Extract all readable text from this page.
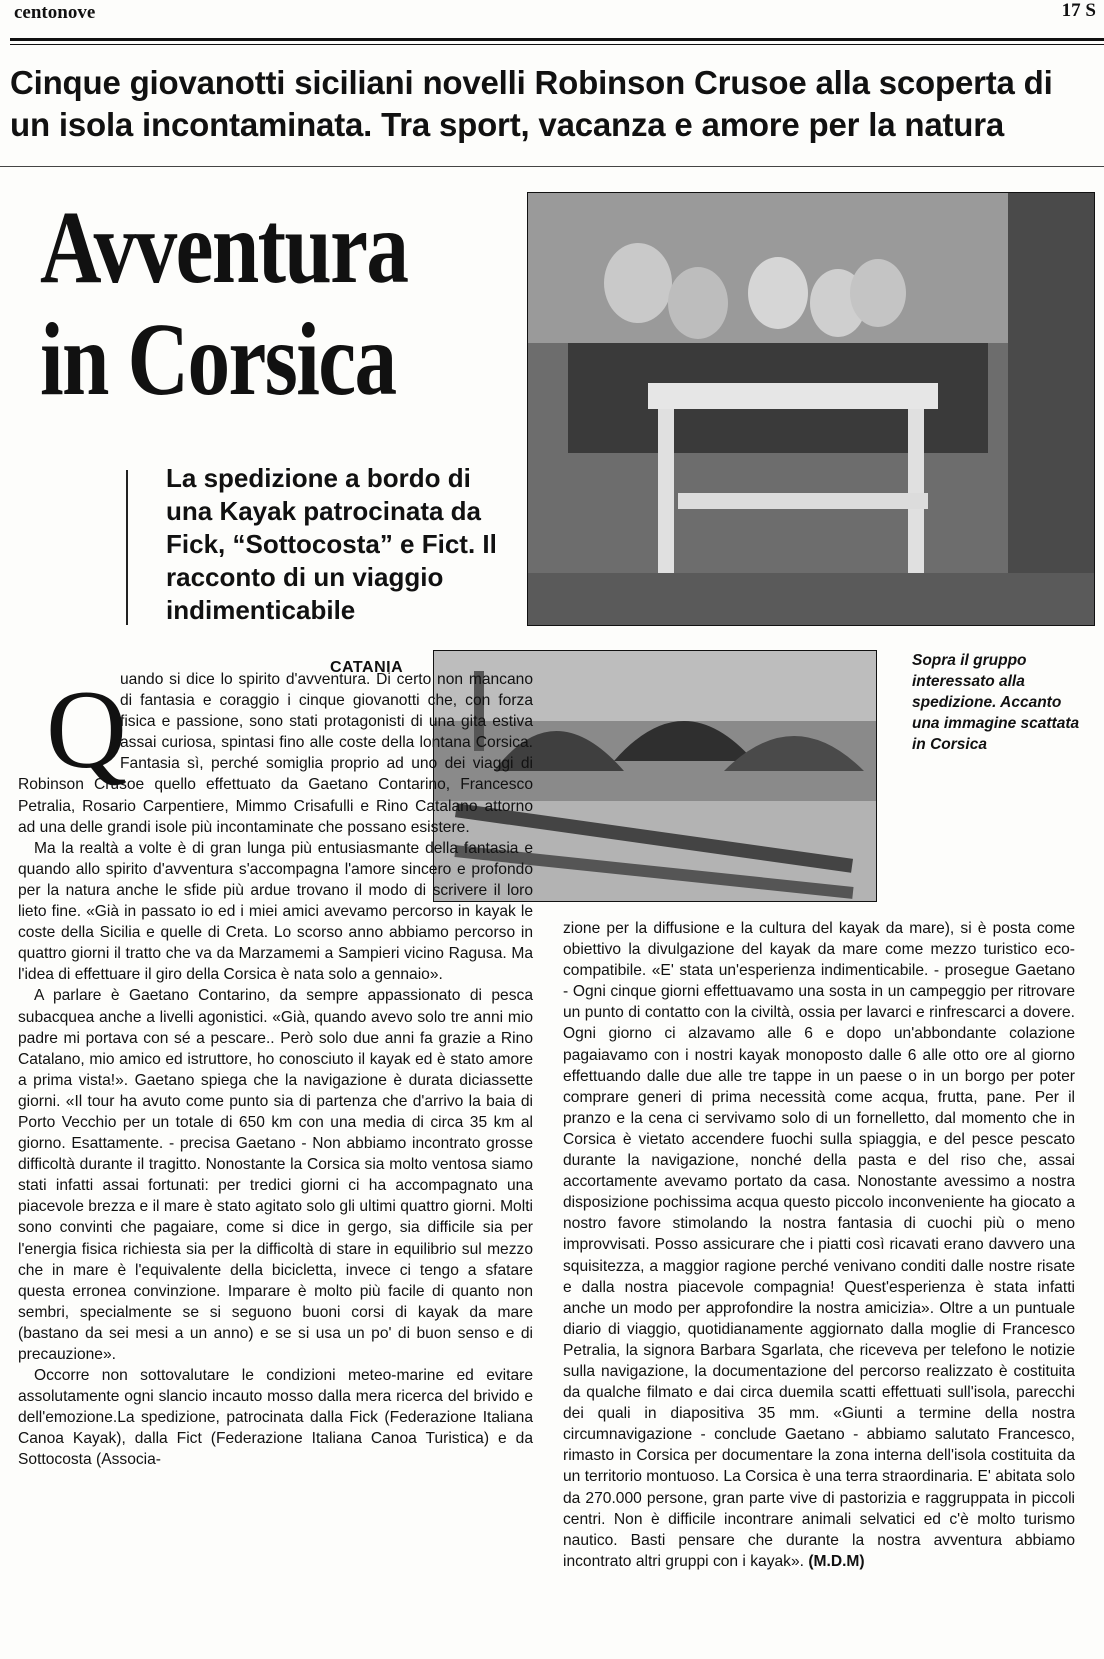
centonove	17 S
Cinque giovanotti siciliani novelli Robinson Crusoe alla scoperta di un isola incontaminata. Tra sport, vacanza e amore per la natura
Avventura
in Corsica
La spedizione a bordo di una Kayak patrocinata da Fick, “Sottocosta” e Fict. Il racconto di un viaggio indimenticabile
Sopra il gruppo interessato alla spedizione. Accanto una immagine scattata in Corsica
CATANIA
Q

uando si dice lo spirito d'avventura. Di certo non mancano di fantasia e coraggio i cinque giovanotti che, con forza fisica e passione, sono stati protagonisti di una gita estiva assai curiosa, spintasi fino alle coste della lontana Corsica. Fantasia sì, perché somiglia proprio ad uno dei viaggi di Robinson Crusoe quello effettuato da Gaetano Contarino, Francesco Petralia, Rosario Carpentiere, Mimmo Crisafulli e Rino Catalano attorno ad una delle grandi isole più incontaminate che possano esistere.

Ma la realtà a volte è di gran lunga più entusiasmante della fantasia e quando allo spirito d'avventura s'accompagna l'amore sincero e profondo per la natura anche le sfide più ardue trovano il modo di scrivere il loro lieto fine. «Già in passato io ed i miei amici avevamo percorso in kayak le coste della Sicilia e quelle di Creta. Lo scorso anno abbiamo percorso in quattro giorni il tratto che va da Marzamemi a Sampieri vicino Ragusa. Ma l'idea di effettuare il giro della Corsica è nata solo a gennaio».

A parlare è Gaetano Contarino, da sempre appassionato di pesca subacquea anche a livelli agonistici. «Già, quando avevo solo tre anni mio padre mi portava con sé a pescare.. Però solo due anni fa grazie a Rino Catalano, mio amico ed istruttore, ho conosciuto il kayak ed è stato amore a prima vista!». Gaetano spiega che la navigazione è durata diciassette giorni. «Il tour ha avuto come punto sia di partenza che d'arrivo la baia di Porto Vecchio per un totale di 650 km con una media di circa 35 km al giorno. Esattamente. - precisa Gaetano - Non abbiamo incontrato grosse difficoltà durante il tragitto. Nonostante la Corsica sia molto ventosa siamo stati infatti assai fortunati: per tredici giorni ci ha accompagnato una piacevole brezza e il mare è stato agitato solo gli ultimi quattro giorni. Molti sono convinti che pagaiare, come si dice in gergo, sia difficile sia per l'energia fisica richiesta sia per la difficoltà di stare in equilibrio sul mezzo che in mare è l'equivalente della bicicletta, invece ci tengo a sfatare questa erronea convinzione. Imparare è molto più facile di quanto non sembri, specialmente se si seguono buoni corsi di kayak da mare (bastano da sei mesi a un anno) e se si usa un po' di buon senso e di precauzione».

Occorre non sottovalutare le condizioni meteo-marine ed evitare assolutamente ogni slancio incauto mosso dalla mera ricerca del brivido e dell'emozione.La spedizione, patrocinata dalla Fick (Federazione Italiana Canoa Kayak), dalla Fict (Federazione Italiana Canoa Turistica) e da Sottocosta (Associa-

zione per la diffusione e la cultura del kayak da mare), si è posta come obiettivo la divulgazione del kayak da mare come mezzo turistico eco-compatibile. «E' stata un'esperienza indimenticabile. - prosegue Gaetano - Ogni cinque giorni effettuavamo una sosta in un campeggio per ritrovare un punto di contatto con la civiltà, ossia per lavarci e rinfrescarci a dovere. Ogni giorno ci alzavamo alle 6 e dopo un'abbondante colazione pagaiavamo con i nostri kayak monoposto dalle 6 alle otto ore al giorno effettuando dalle due alle tre tappe in un paese o in un borgo per poter comprare generi di prima necessità come acqua, frutta, pane. Per il pranzo e la cena ci servivamo solo di un fornelletto, dal momento che in Corsica è vietato accendere fuochi sulla spiaggia, e del pesce pescato durante la navigazione, nonché della pasta e del riso che, assai accortamente avevamo portato da casa. Nonostante avessimo a nostra disposizione pochissima acqua questo piccolo inconveniente ha giocato a nostro favore stimolando la nostra fantasia di cuochi più o meno improvvisati. Posso assicurare che i piatti così ricavati erano davvero una squisitezza, a maggior ragione perché venivano conditi dalle nostre risate e dalla nostra piacevole compagnia! Quest'esperienza è stata infatti anche un modo per approfondire la nostra amicizia». Oltre a un puntuale diario di viaggio, quotidianamente aggiornato dalla moglie di Francesco Petralia, la signora Barbara Sgarlata, che riceveva per telefono le notizie sulla navigazione, la documentazione del percorso realizzato è costituita da qualche filmato e dai circa duemila scatti effettuati sull'isola, parecchi dei quali in diapositiva 35 mm. «Giunti a termine della nostra circumnavigazione - conclude Gaetano - abbiamo salutato Francesco, rimasto in Corsica per documentare la zona interna dell'isola costituita da un territorio montuoso. La Corsica è una terra straordinaria. E' abitata solo da 270.000 persone, gran parte vive di pastorizia e raggruppata in piccoli centri. Non è difficile incontrare animali selvatici ed c'è molto turismo nautico. Basti pensare che durante la nostra avventura abbiamo incontrato altri gruppi con i kayak». (M.D.M)
